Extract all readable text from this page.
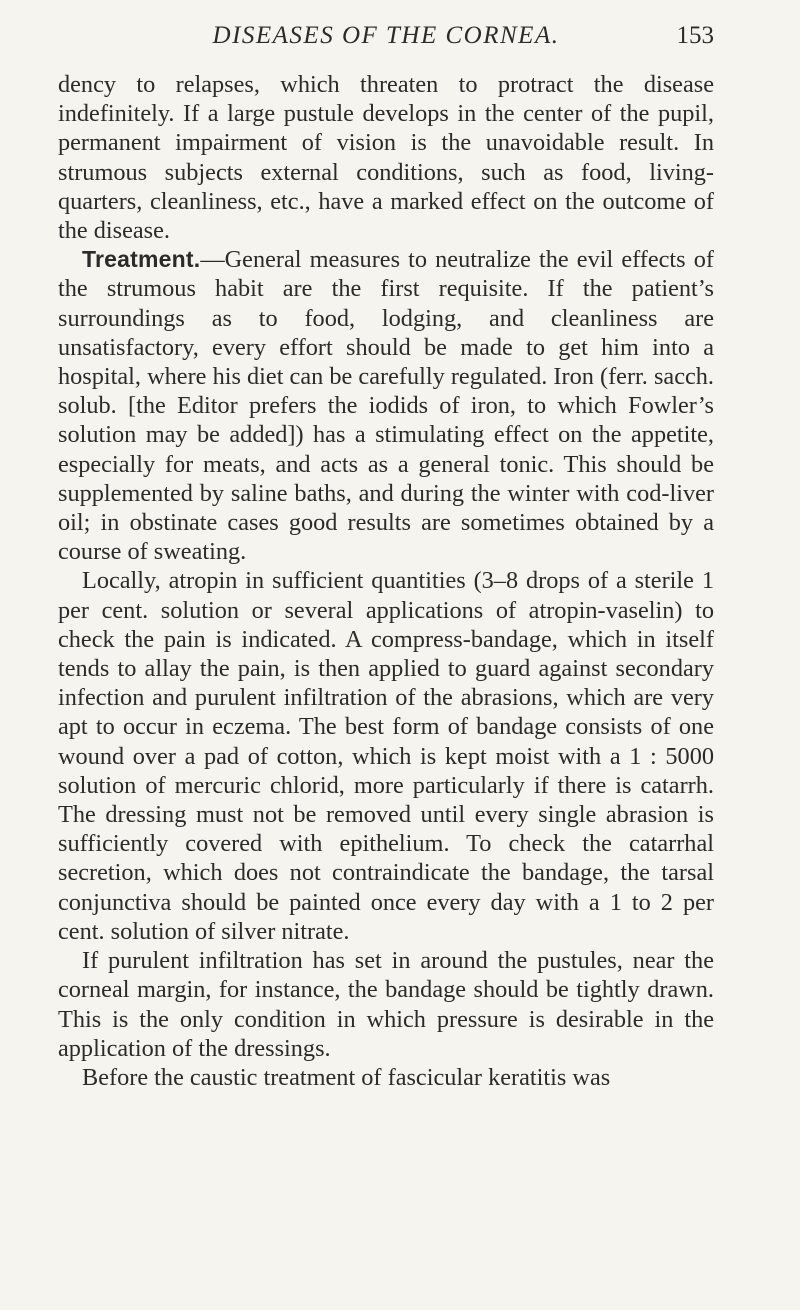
DISEASES OF THE CORNEA.	153

dency to relapses, which threaten to protract the disease indefinitely. If a large pustule develops in the center of the pupil, permanent impairment of vision is the unavoidable result. In strumous subjects external conditions, such as food, living-quarters, cleanliness, etc., have a marked effect on the outcome of the disease.

Treatment.—General measures to neutralize the evil effects of the strumous habit are the first requisite. If the patient’s surroundings as to food, lodging, and cleanliness are unsatisfactory, every effort should be made to get him into a hospital, where his diet can be carefully regulated. Iron (ferr. sacch. solub. [the Editor prefers the iodids of iron, to which Fowler’s solution may be added]) has a stimulating effect on the appetite, especially for meats, and acts as a general tonic. This should be supplemented by saline baths, and during the winter with cod-liver oil; in obstinate cases good results are sometimes obtained by a course of sweating.

Locally, atropin in sufficient quantities (3–8 drops of a sterile 1 per cent. solution or several applications of atropin-vaselin) to check the pain is indicated. A compress-bandage, which in itself tends to allay the pain, is then applied to guard against secondary infection and purulent infiltration of the abrasions, which are very apt to occur in eczema. The best form of bandage consists of one wound over a pad of cotton, which is kept moist with a 1 : 5000 solution of mercuric chlorid, more particularly if there is catarrh. The dressing must not be removed until every single abrasion is sufficiently covered with epithelium. To check the catarrhal secretion, which does not contraindicate the bandage, the tarsal conjunctiva should be painted once every day with a 1 to 2 per cent. solution of silver nitrate.

If purulent infiltration has set in around the pustules, near the corneal margin, for instance, the bandage should be tightly drawn. This is the only condition in which pressure is desirable in the application of the dressings.

Before the caustic treatment of fascicular keratitis was
